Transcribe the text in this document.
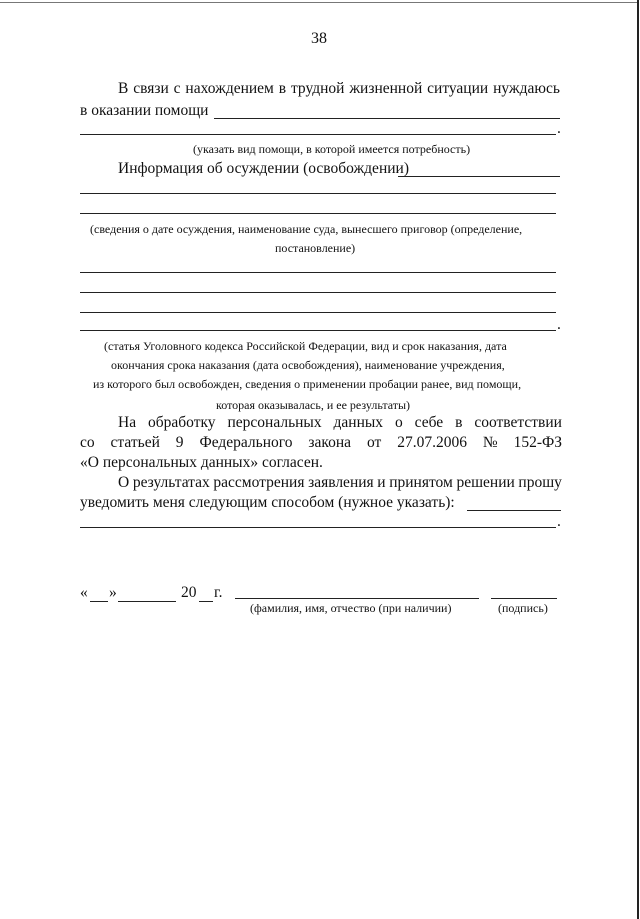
38
В связи с нахождением в трудной жизненной ситуации нуждаюсь
в оказании помощи
.
(указать вид помощи, в которой имеется потребность)
Информация об осуждении (освобождении)
(сведения о дате осуждения, наименование суда, вынесшего приговор (определение,
постановление)
.
(статья Уголовного кодекса Российской Федерации, вид и срок наказания, дата
окончания срока наказания (дата освобождения), наименование учреждения,
из которого был освобожден, сведения о применении пробации ранее, вид помощи,
которая оказывалась, и ее результаты)
На обработку персональных данных о себе в соответствии
со статьей 9 Федерального закона от 27.07.2006 № 152-ФЗ
«О персональных данных» согласен.
О результатах рассмотрения заявления и принятом решении прошу
уведомить меня следующим способом (нужное указать):
.
« »	20 г.
(фамилия, имя, отчество (при наличии)	(подпись)
